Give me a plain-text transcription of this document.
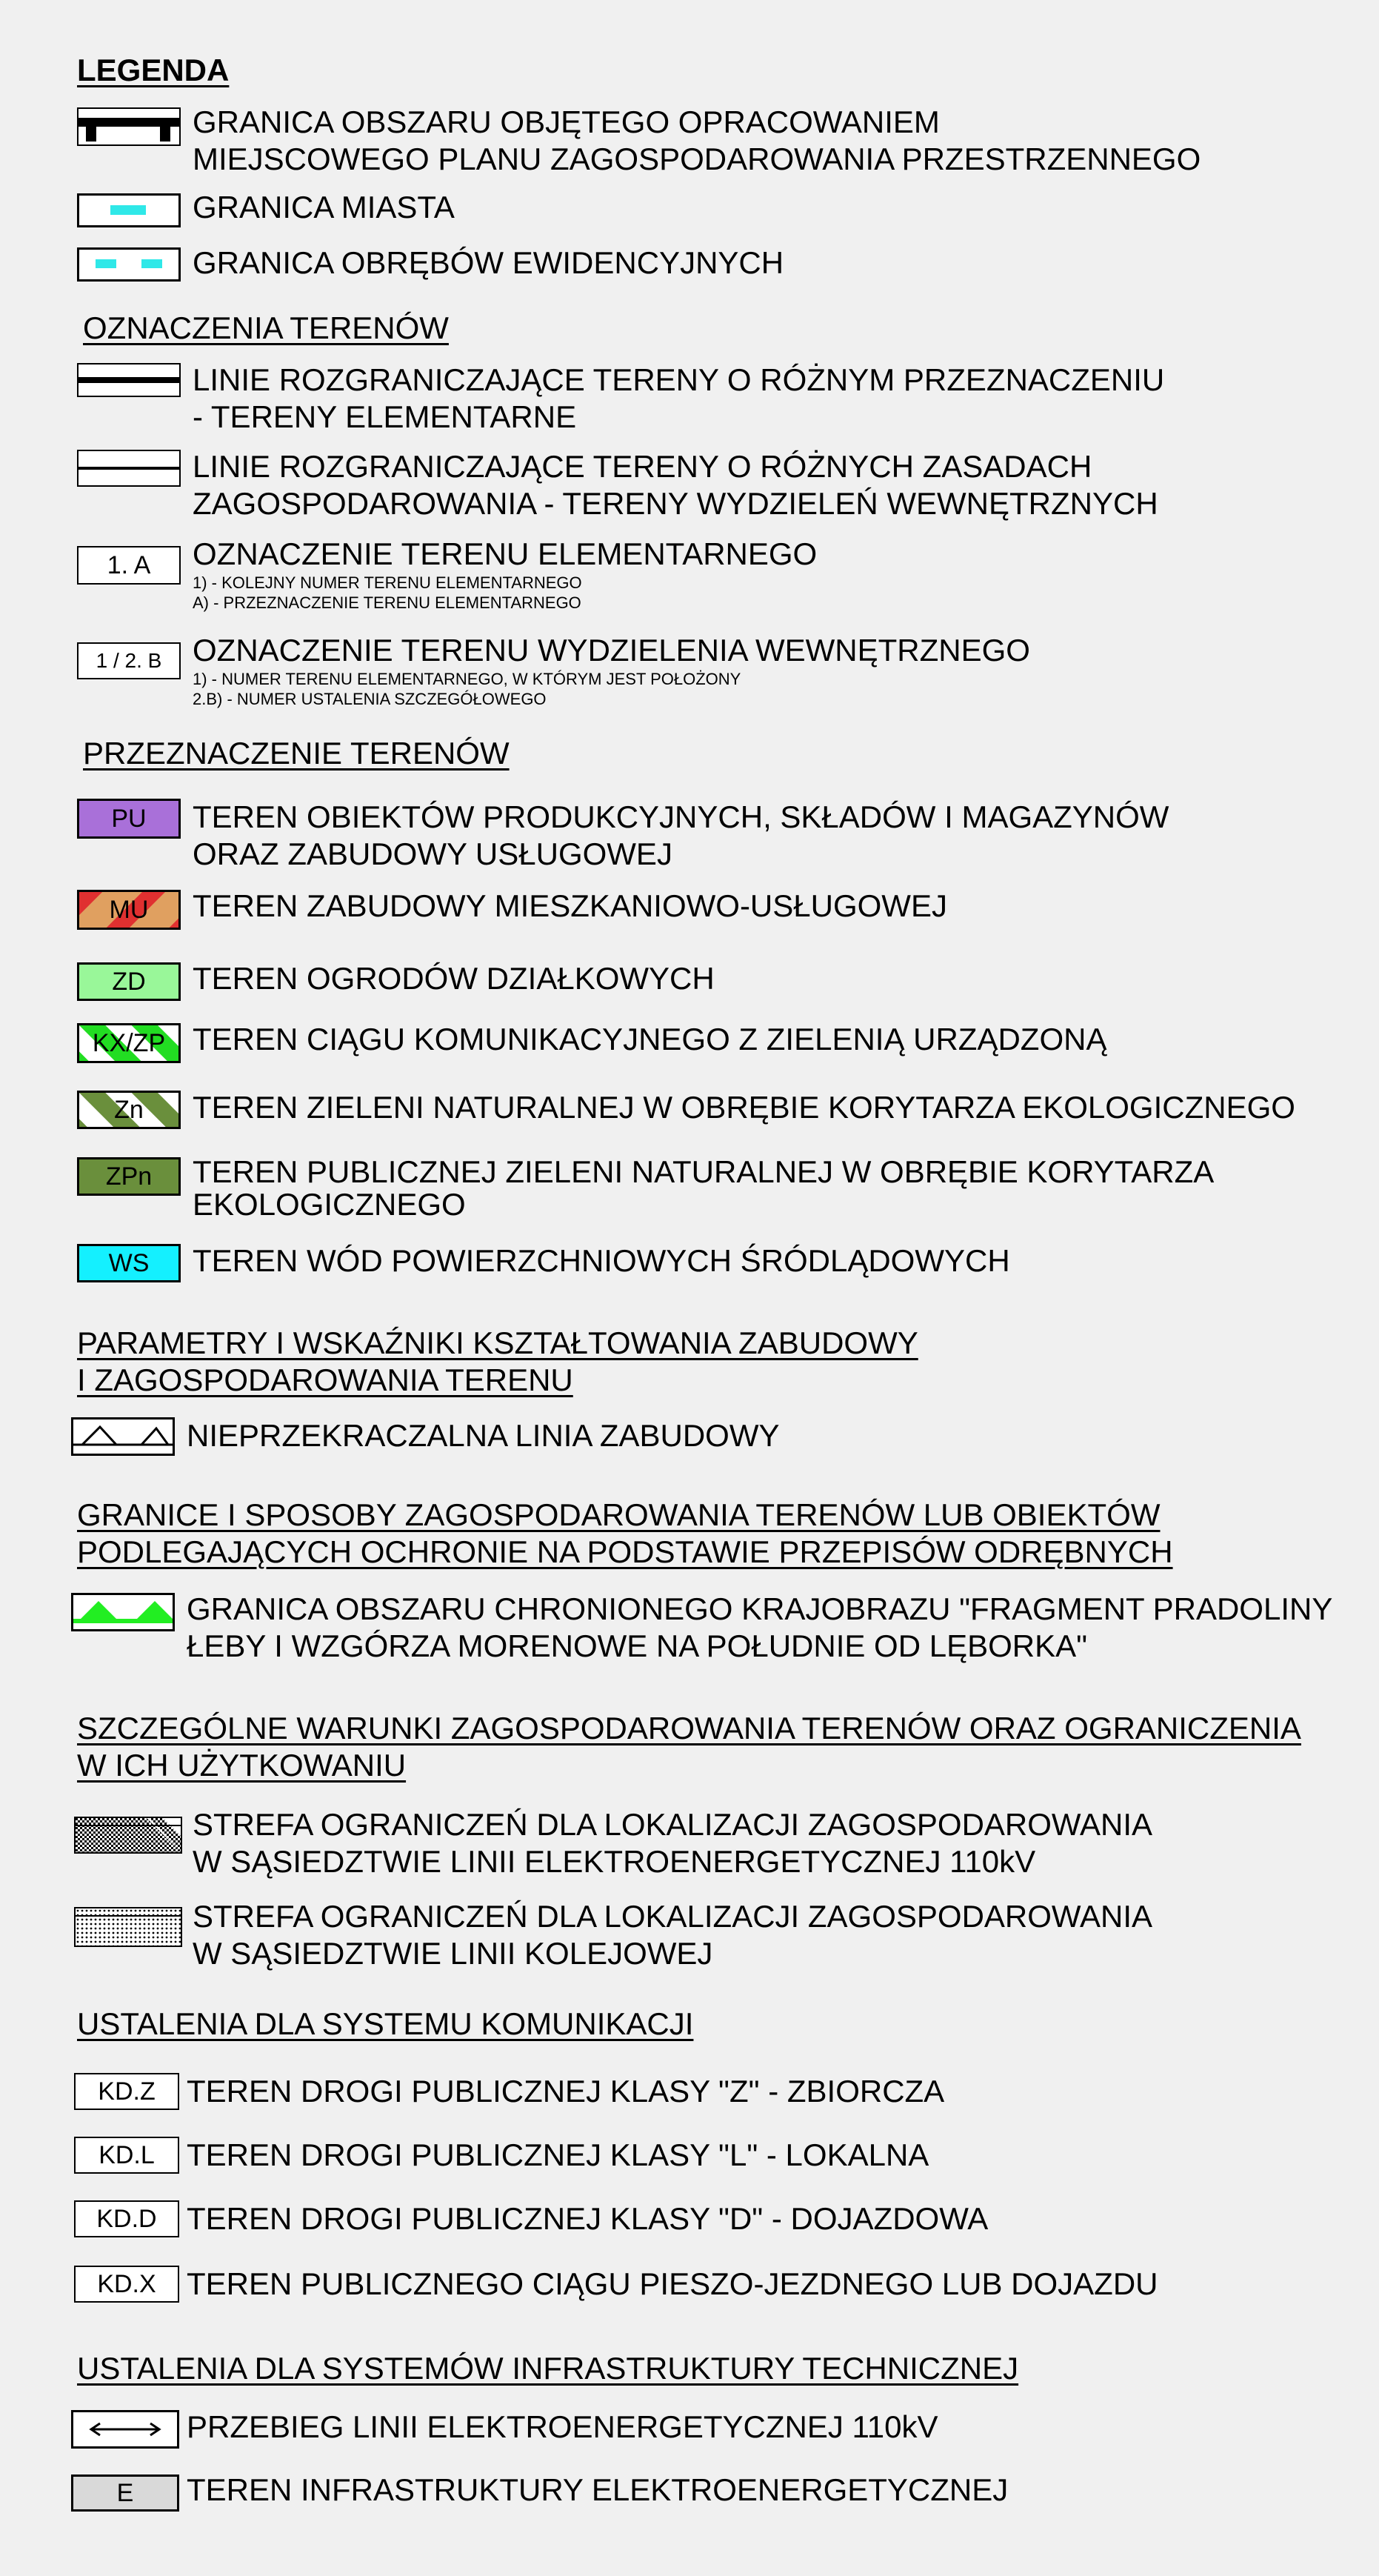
LEGENDA
GRANICA OBSZARU OBJĘTEGO OPRACOWANIEM
MIEJSCOWEGO PLANU ZAGOSPODAROWANIA PRZESTRZENNEGO
GRANICA MIASTA
GRANICA OBRĘBÓW EWIDENCYJNYCH
OZNACZENIA TERENÓW
LINIE ROZGRANICZAJĄCE TERENY O RÓŻNYM PRZEZNACZENIU
- TERENY ELEMENTARNE
LINIE ROZGRANICZAJĄCE TERENY O RÓŻNYCH ZASADACH
ZAGOSPODAROWANIA - TERENY WYDZIELEŃ WEWNĘTRZNYCH
1. A	OZNACZENIE TERENU ELEMENTARNEGO
1) - KOLEJNY NUMER TERENU ELEMENTARNEGO
A) - PRZEZNACZENIE TERENU ELEMENTARNEGO
1 / 2. B OZNACZENIE TERENU WYDZIELENIA WEWNĘTRZNEGO
1) - NUMER TERENU ELEMENTARNEGO, W KTÓRYM JEST POŁOŻONY
2.B) - NUMER USTALENIA SZCZEGÓŁOWEGO
PRZEZNACZENIE TERENÓW
PU	TEREN OBIEKTÓW PRODUKCYJNYCH, SKŁADÓW I MAGAZYNÓW
ORAZ ZABUDOWY USŁUGOWEJ
MU	TEREN ZABUDOWY MIESZKANIOWO-USŁUGOWEJ
ZD	TEREN OGRODÓW DZIAŁKOWYCH
KX/ZP TEREN CIĄGU KOMUNIKACYJNEGO Z ZIELENIĄ URZĄDZONĄ
Zn	TEREN ZIELENI NATURALNEJ W OBRĘBIE KORYTARZA EKOLOGICZNEGO
ZPn	TEREN PUBLICZNEJ ZIELENI NATURALNEJ W OBRĘBIE KORYTARZA
EKOLOGICZNEGO
WS	TEREN WÓD POWIERZCHNIOWYCH ŚRÓDLĄDOWYCH
PARAMETRY I WSKAŹNIKI KSZTAŁTOWANIA ZABUDOWY
I ZAGOSPODAROWANIA TERENU
NIEPRZEKRACZALNA LINIA ZABUDOWY
GRANICE I SPOSOBY ZAGOSPODAROWANIA TERENÓW LUB OBIEKTÓW
PODLEGAJĄCYCH OCHRONIE NA PODSTAWIE PRZEPISÓW ODRĘBNYCH
GRANICA OBSZARU CHRONIONEGO KRAJOBRAZU "FRAGMENT PRADOLINY
ŁEBY I WZGÓRZA MORENOWE NA POŁUDNIE OD LĘBORKA"
SZCZEGÓLNE WARUNKI ZAGOSPODAROWANIA TERENÓW ORAZ OGRANICZENIA
W ICH UŻYTKOWANIU
STREFA OGRANICZEŃ DLA LOKALIZACJI ZAGOSPODAROWANIA
W SĄSIEDZTWIE LINII ELEKTROENERGETYCZNEJ 110kV
STREFA OGRANICZEŃ DLA LOKALIZACJI ZAGOSPODAROWANIA
W SĄSIEDZTWIE LINII KOLEJOWEJ
USTALENIA DLA SYSTEMU KOMUNIKACJI
KD.Z	TEREN DROGI PUBLICZNEJ KLASY "Z" - ZBIORCZA
KD.L	TEREN DROGI PUBLICZNEJ KLASY "L" - LOKALNA
KD.D TEREN DROGI PUBLICZNEJ KLASY "D" - DOJAZDOWA
KD.X TEREN PUBLICZNEGO CIĄGU PIESZO-JEZDNEGO LUB DOJAZDU
USTALENIA DLA SYSTEMÓW INFRASTRUKTURY TECHNICZNEJ
PRZEBIEG LINII ELEKTROENERGETYCZNEJ 110kV
E	TEREN INFRASTRUKTURY ELEKTROENERGETYCZNEJ
